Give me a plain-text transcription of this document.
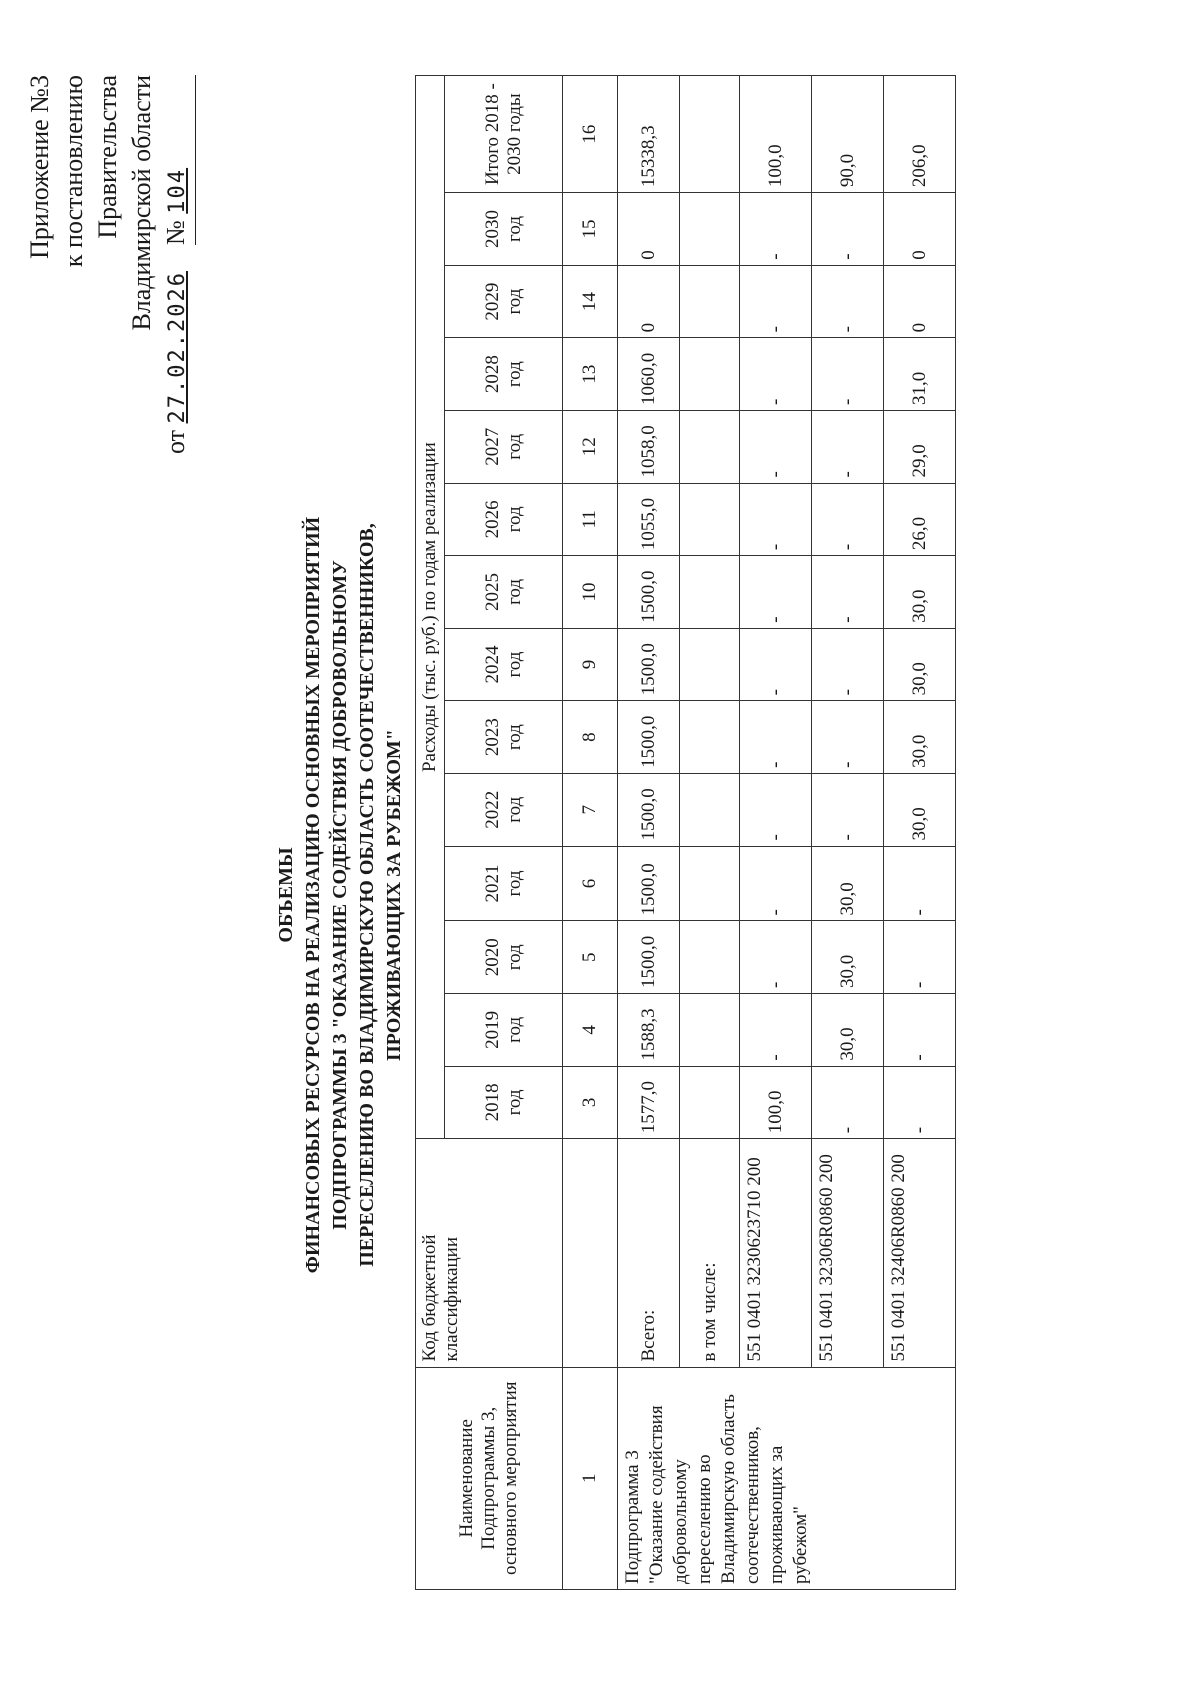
Приложение №3 к постановлению Правительства Владимирской области
от 27.02.2026    № 104
ОБЪЕМЫ ФИНАНСОВЫХ РЕСУРСОВ НА РЕАЛИЗАЦИЮ ОСНОВНЫХ МЕРОПРИЯТИЙ ПОДПРОГРАММЫ 3 "ОКАЗАНИЕ СОДЕЙСТВИЯ ДОБРОВОЛЬНОМУ ПЕРЕСЕЛЕНИЮ ВО ВЛАДИМИРСКУЮ ОБЛАСТЬ СООТЕЧЕСТВЕННИКОВ, ПРОЖИВАЮЩИХ ЗА РУБЕЖОМ"
Наименование Подпрограммы 3, основного мероприятия	Код бюджетной классификации	Расходы (тыс. руб.) по годам реализации													
		2018 год	2019 год	2020 год	2021 год	2022 год	2023 год	2024 год	2025 год	2026 год	2027 год	2028 год	2029 год	2030 год	Итого 2018 - 2030 годы
1		3	4	5	6	7	8	9	10	11	12	13	14	15	16
Подпрограмма 3 "Оказание содействия добровольному переселению во Владимирскую область соотечественников, проживающих за рубежом"	Всего:	1577,0	1588,3	1500,0	1500,0	1500,0	1500,0	1500,0	1500,0	1055,0	1058,0	1060,0	0	0	15338,3
	в том числе:														
	551 0401 3230623710 200	100,0	-	-	-	-	-	-	-	-	-	-	-	-	100,0
	551 0401 32306R0860 200	-	30,0	30,0	30,0	-	-	-	-	-	-	-	-	-	90,0
	551 0401 32406R0860 200	-	-	-	-	30,0	30,0	30,0	30,0	26,0	29,0	31,0	0	0	206,0
